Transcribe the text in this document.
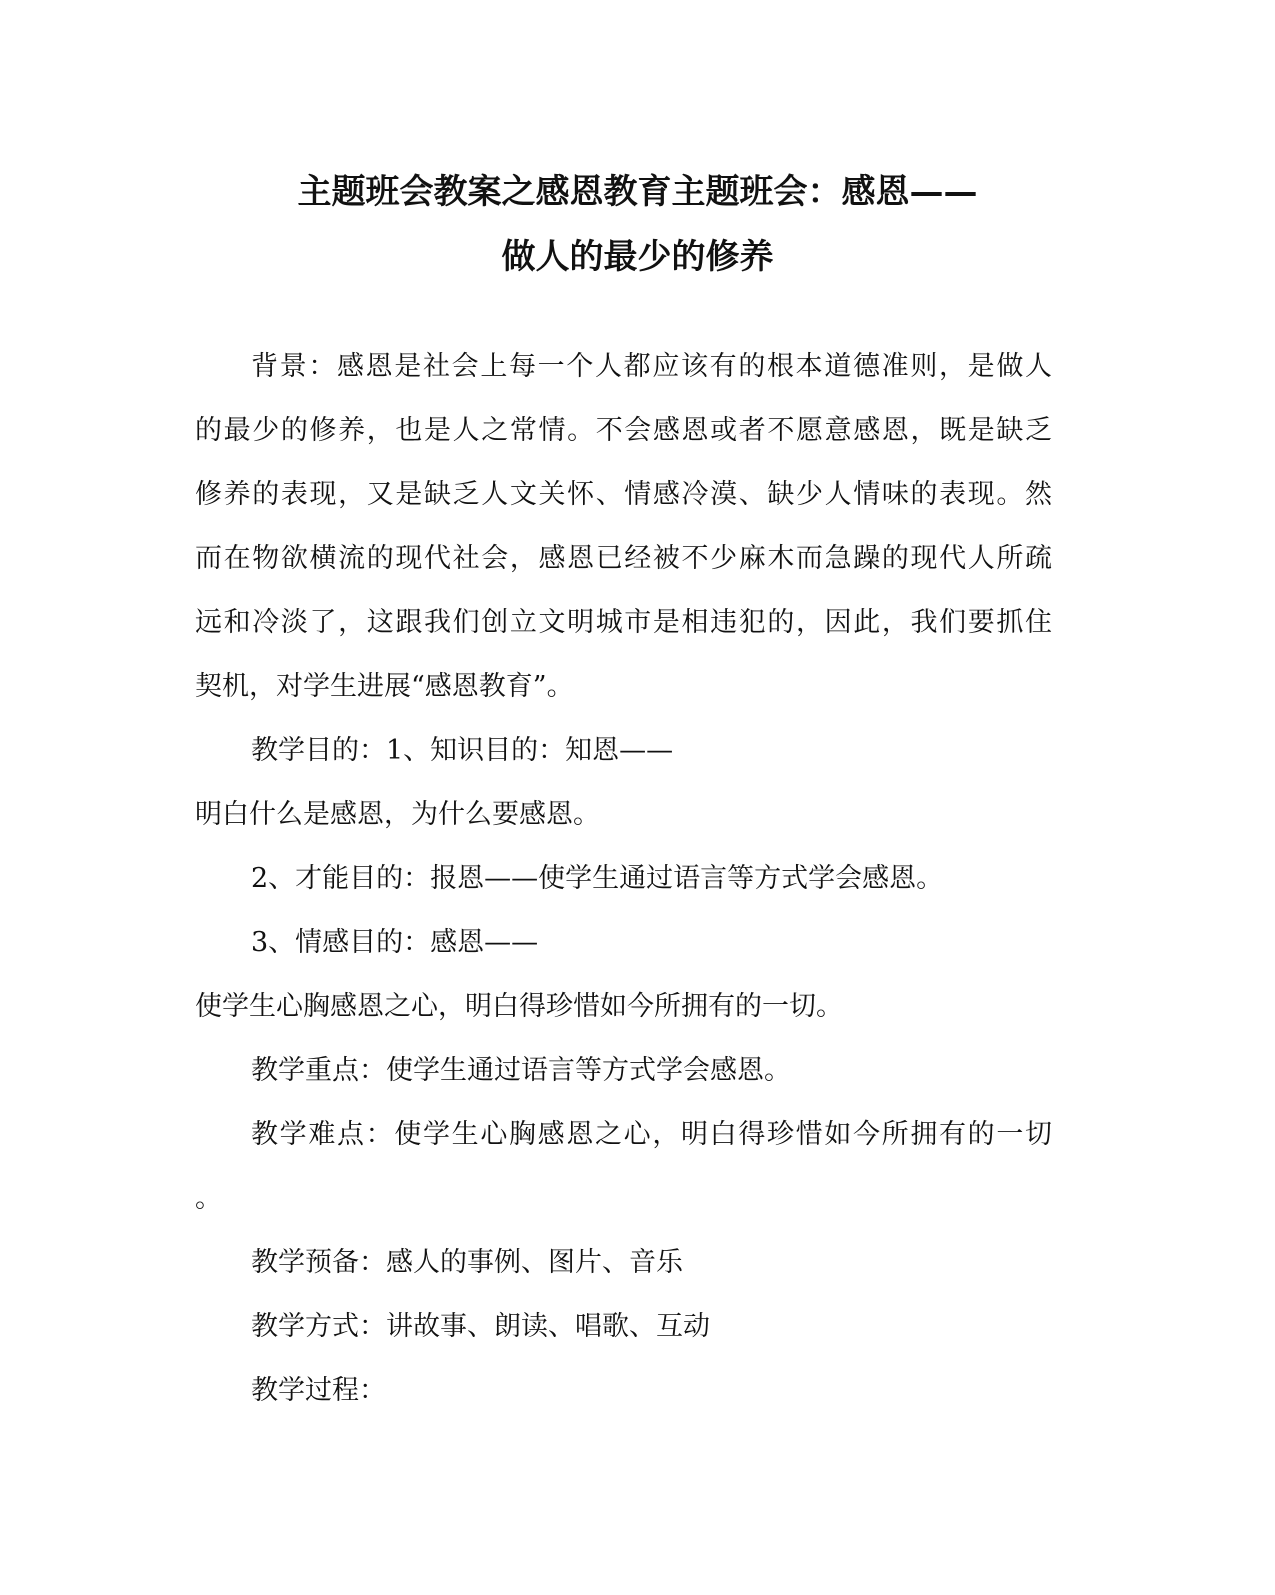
主题班会教案之感恩教育主题班会：感恩——
做人的最少的修养
背景：感恩是社会上每一个人都应该有的根本道德准则，是做人
的最少的修养，也是人之常情。不会感恩或者不愿意感恩，既是缺乏
修养的表现，又是缺乏人文关怀、情感冷漠、缺少人情味的表现。然
而在物欲横流的现代社会，感恩已经被不少麻木而急躁的现代人所疏
远和冷淡了，这跟我们创立文明城市是相违犯的，因此，我们要抓住
契机，对学生进展“感恩教育”。
教学目的：1、知识目的：知恩——
明白什么是感恩，为什么要感恩。
2、才能目的：报恩——使学生通过语言等方式学会感恩。
3、情感目的：感恩——
使学生心胸感恩之心，明白得珍惜如今所拥有的一切。
教学重点：使学生通过语言等方式学会感恩。
教学难点：使学生心胸感恩之心，明白得珍惜如今所拥有的一切
。
教学预备：感人的事例、图片、音乐
教学方式：讲故事、朗读、唱歌、互动
教学过程：
